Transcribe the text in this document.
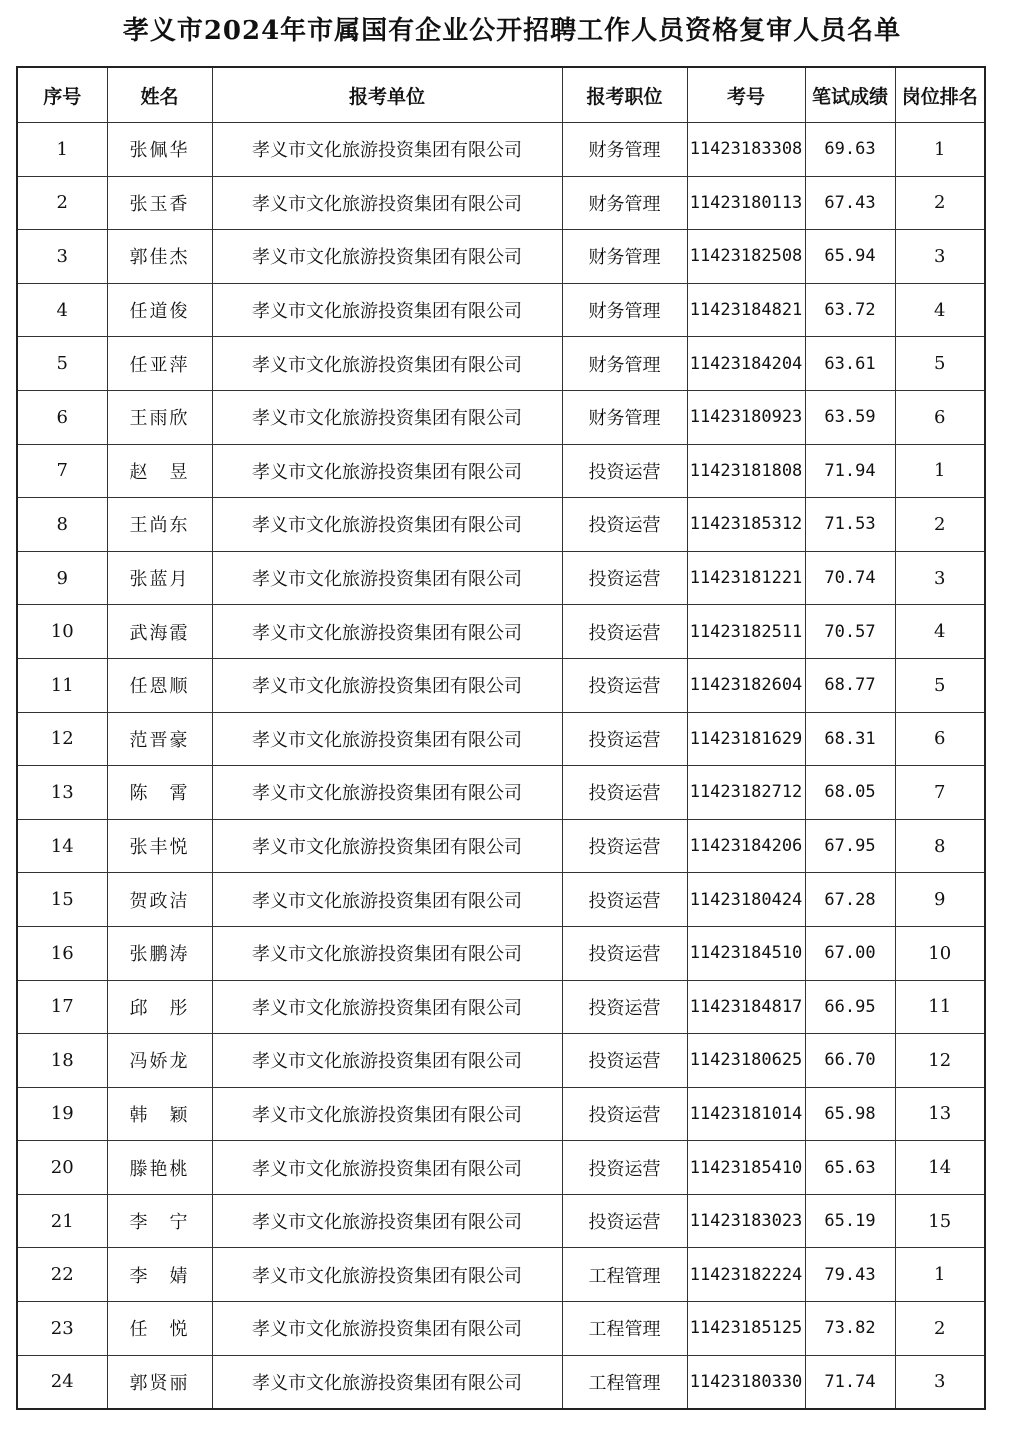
孝义市2024年市属国有企业公开招聘工作人员资格复审人员名单
序号	姓名	报考单位	报考职位	考号	笔试成绩	岗位排名
1	张佩华	孝义市文化旅游投资集团有限公司	财务管理	11423183308	69.63	1
2	张玉香	孝义市文化旅游投资集团有限公司	财务管理	11423180113	67.43	2
3	郭佳杰	孝义市文化旅游投资集团有限公司	财务管理	11423182508	65.94	3
4	任道俊	孝义市文化旅游投资集团有限公司	财务管理	11423184821	63.72	4
5	任亚萍	孝义市文化旅游投资集团有限公司	财务管理	11423184204	63.61	5
6	王雨欣	孝义市文化旅游投资集团有限公司	财务管理	11423180923	63.59	6
7	赵　昱	孝义市文化旅游投资集团有限公司	投资运营	11423181808	71.94	1
8	王尚东	孝义市文化旅游投资集团有限公司	投资运营	11423185312	71.53	2
9	张蓝月	孝义市文化旅游投资集团有限公司	投资运营	11423181221	70.74	3
10	武海霞	孝义市文化旅游投资集团有限公司	投资运营	11423182511	70.57	4
11	任恩顺	孝义市文化旅游投资集团有限公司	投资运营	11423182604	68.77	5
12	范晋豪	孝义市文化旅游投资集团有限公司	投资运营	11423181629	68.31	6
13	陈　霄	孝义市文化旅游投资集团有限公司	投资运营	11423182712	68.05	7
14	张丰悦	孝义市文化旅游投资集团有限公司	投资运营	11423184206	67.95	8
15	贺政洁	孝义市文化旅游投资集团有限公司	投资运营	11423180424	67.28	9
16	张鹏涛	孝义市文化旅游投资集团有限公司	投资运营	11423184510	67.00	10
17	邱　彤	孝义市文化旅游投资集团有限公司	投资运营	11423184817	66.95	11
18	冯娇龙	孝义市文化旅游投资集团有限公司	投资运营	11423180625	66.70	12
19	韩　颖	孝义市文化旅游投资集团有限公司	投资运营	11423181014	65.98	13
20	滕艳桃	孝义市文化旅游投资集团有限公司	投资运营	11423185410	65.63	14
21	李　宁	孝义市文化旅游投资集团有限公司	投资运营	11423183023	65.19	15
22	李　婧	孝义市文化旅游投资集团有限公司	工程管理	11423182224	79.43	1
23	任　悦	孝义市文化旅游投资集团有限公司	工程管理	11423185125	73.82	2
24	郭贤丽	孝义市文化旅游投资集团有限公司	工程管理	11423180330	71.74	3
